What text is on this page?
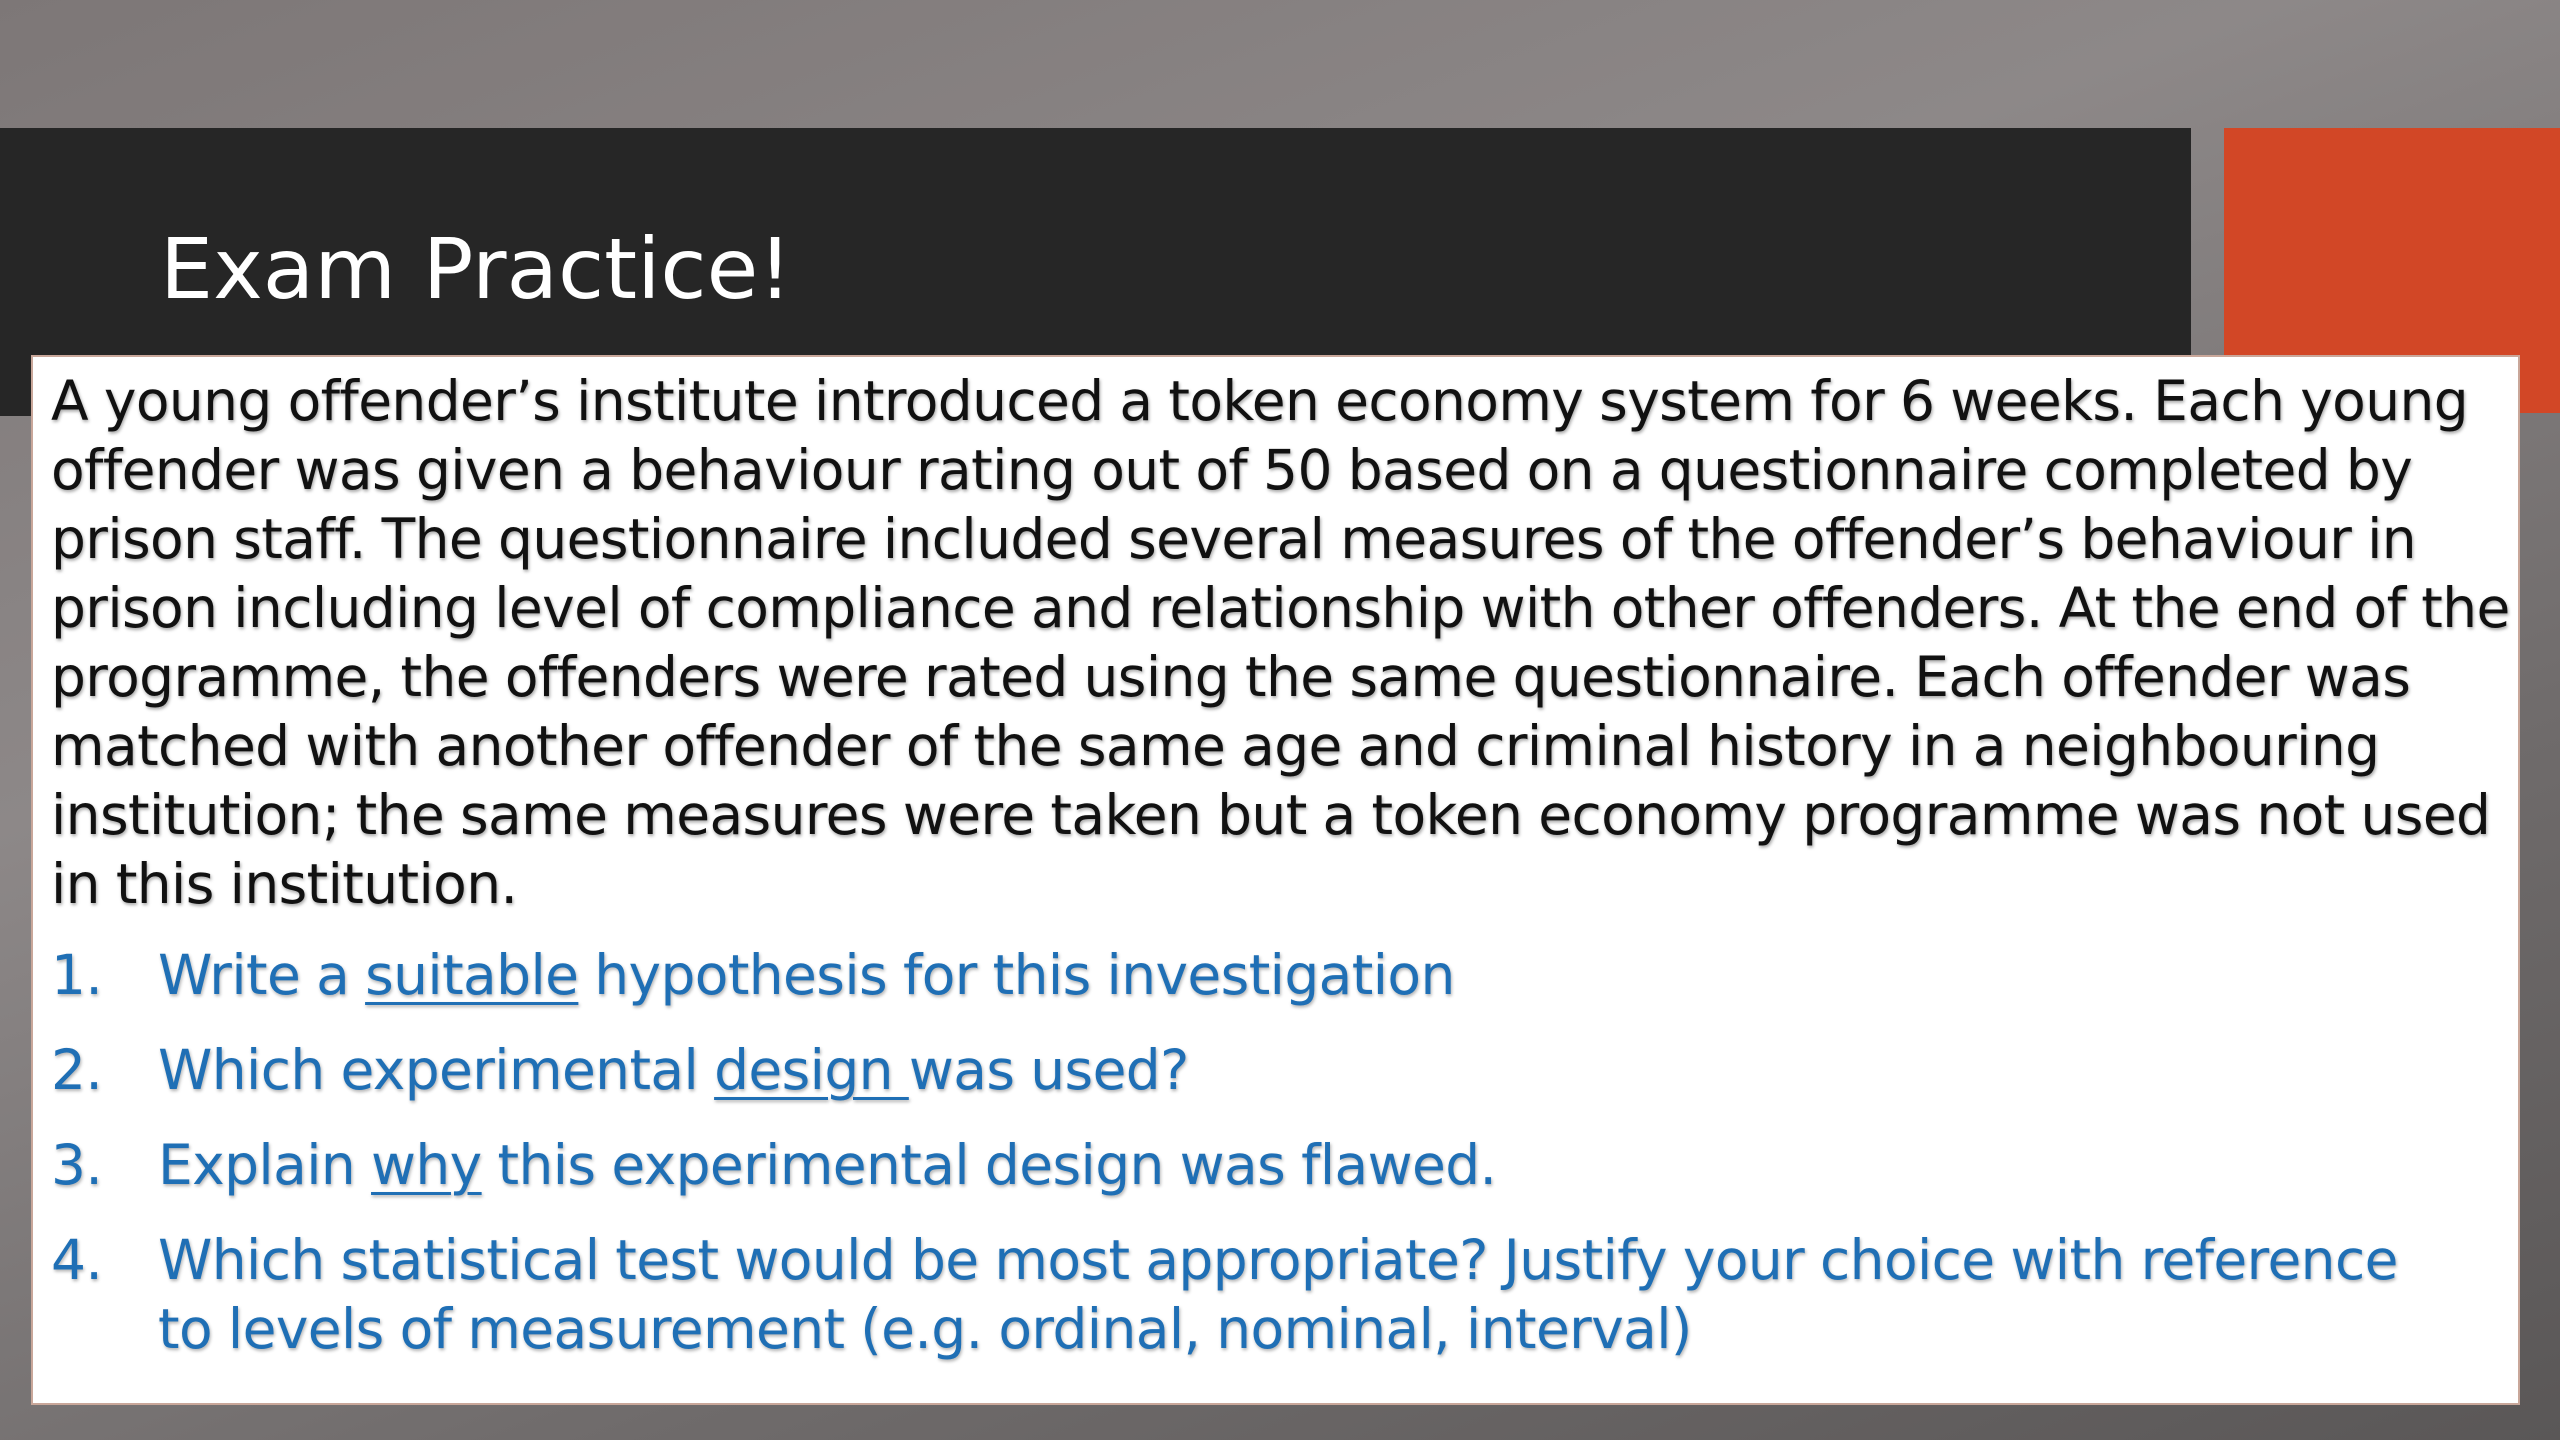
Exam Practice!

A young offender’s institute introduced a token economy system for 6 weeks. Each young offender was given a behaviour rating out of 50 based on a questionnaire completed by prison staff. The questionnaire included several measures of the offender’s behaviour in prison including level of compliance and relationship with other offenders. At the end of the programme, the offenders were rated using the same questionnaire. Each offender was matched with another offender of the same age and criminal history in a neighbouring institution; the same measures were taken but a token economy programme was not used in this institution.

1. Write a suitable hypothesis for this investigation
2. Which experimental design was used?
3. Explain why this experimental design was flawed.
4. Which statistical test would be most appropriate? Justify your choice with reference to levels of measurement (e.g. ordinal, nominal, interval)
